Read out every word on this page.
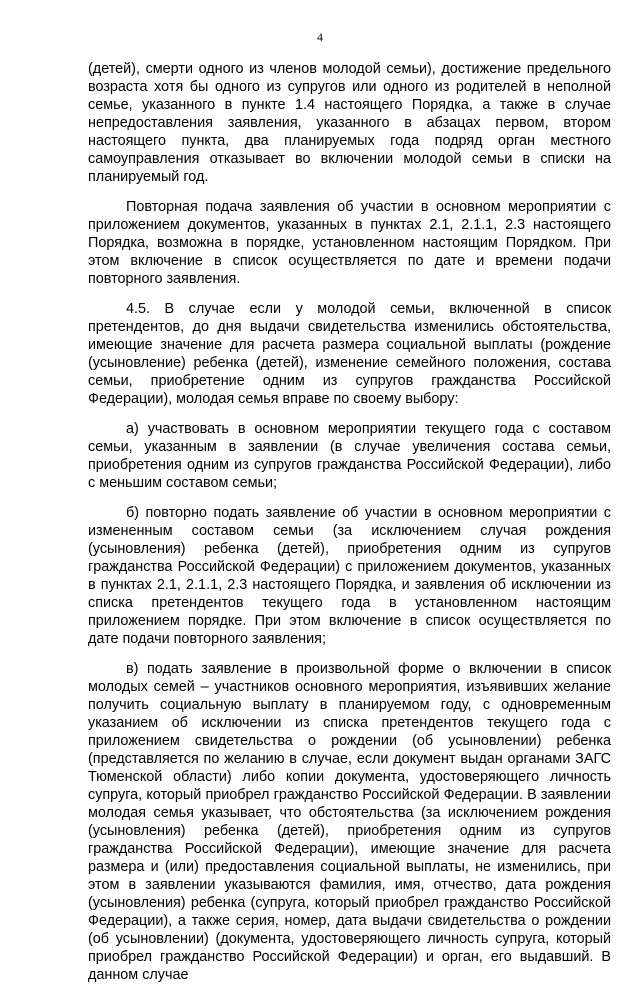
4

(детей), смерти одного из членов молодой семьи), достижение предельного возраста хотя бы одного из супругов или одного из родителей в неполной семье, указанного в пункте 1.4 настоящего Порядка, а также в случае непредоставления заявления, указанного в абзацах первом, втором настоящего пункта, два планируемых года подряд орган местного самоуправления отказывает во включении молодой семьи в списки на планируемый год.

Повторная подача заявления об участии в основном мероприятии с приложением документов, указанных в пунктах 2.1, 2.1.1, 2.3 настоящего Порядка, возможна в порядке, установленном настоящим Порядком. При этом включение в список осуществляется по дате и времени подачи повторного заявления.

4.5. В случае если у молодой семьи, включенной в список претендентов, до дня выдачи свидетельства изменились обстоятельства, имеющие значение для расчета размера социальной выплаты (рождение (усыновление) ребенка (детей), изменение семейного положения, состава семьи, приобретение одним из супругов гражданства Российской Федерации), молодая семья вправе по своему выбору:

а) участвовать в основном мероприятии текущего года с составом семьи, указанным в заявлении (в случае увеличения состава семьи, приобретения одним из супругов гражданства Российской Федерации), либо с меньшим составом семьи;

б) повторно подать заявление об участии в основном мероприятии с измененным составом семьи (за исключением случая рождения (усыновления) ребенка (детей), приобретения одним из супругов гражданства Российской Федерации) с приложением документов, указанных в пунктах 2.1, 2.1.1, 2.3 настоящего Порядка, и заявления об исключении из списка претендентов текущего года в установленном настоящим приложением порядке. При этом включение в список осуществляется по дате подачи повторного заявления;

в) подать заявление в произвольной форме о включении в список молодых семей – участников основного мероприятия, изъявивших желание получить социальную выплату в планируемом году, с одновременным указанием об исключении из списка претендентов текущего года с приложением свидетельства о рождении (об усыновлении) ребенка (представляется по желанию в случае, если документ выдан органами ЗАГС Тюменской области) либо копии документа, удостоверяющего личность супруга, который приобрел гражданство Российской Федерации. В заявлении молодая семья указывает, что обстоятельства (за исключением рождения (усыновления) ребенка (детей), приобретения одним из супругов гражданства Российской Федерации), имеющие значение для расчета размера и (или) предоставления социальной выплаты, не изменились, при этом в заявлении указываются фамилия, имя, отчество, дата рождения (усыновления) ребенка (супруга, который приобрел гражданство Российской Федерации), а также серия, номер, дата выдачи свидетельства о рождении (об усыновлении) (документа, удостоверяющего личность супруга, который приобрел гражданство Российской Федерации) и орган, его выдавший. В данном случае
